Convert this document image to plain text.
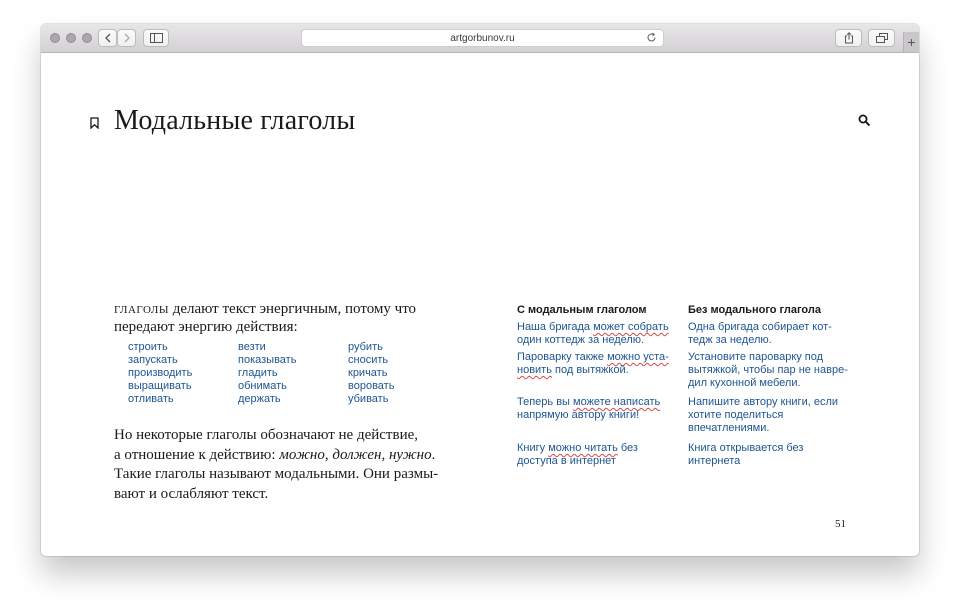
artgorbunov.ru	+
Модальные глаголы
глаголы делают текст энергичным, потому что
передают энергию действия:
строить
запускать
производить
выращивать
отливать
везти
показывать
гладить
обнимать
держать
рубить
сносить
кричать
воровать
убивать
Но некоторые глаголы обозначают не действие,
а отношение к действию: можно, должен, нужно.
Такие глаголы называют модальными. Они размы-
вают и ослабляют текст.
С модальным глаголом
Наша бригада может собрать
один коттедж за неделю.
Пароварку также можно уста-
новить под вытяжкой.
Теперь вы можете написать
напрямую автору книги!
Книгу можно читать без
доступа в интернет
Без модального глагола
Одна бригада собирает кот-
тедж за неделю.
Установите пароварку под
вытяжкой, чтобы пар не навре-
дил кухонной мебели.
Напишите автору книги, если
хотите поделиться
впечатлениями.
Книга открывается без
интернета
51
